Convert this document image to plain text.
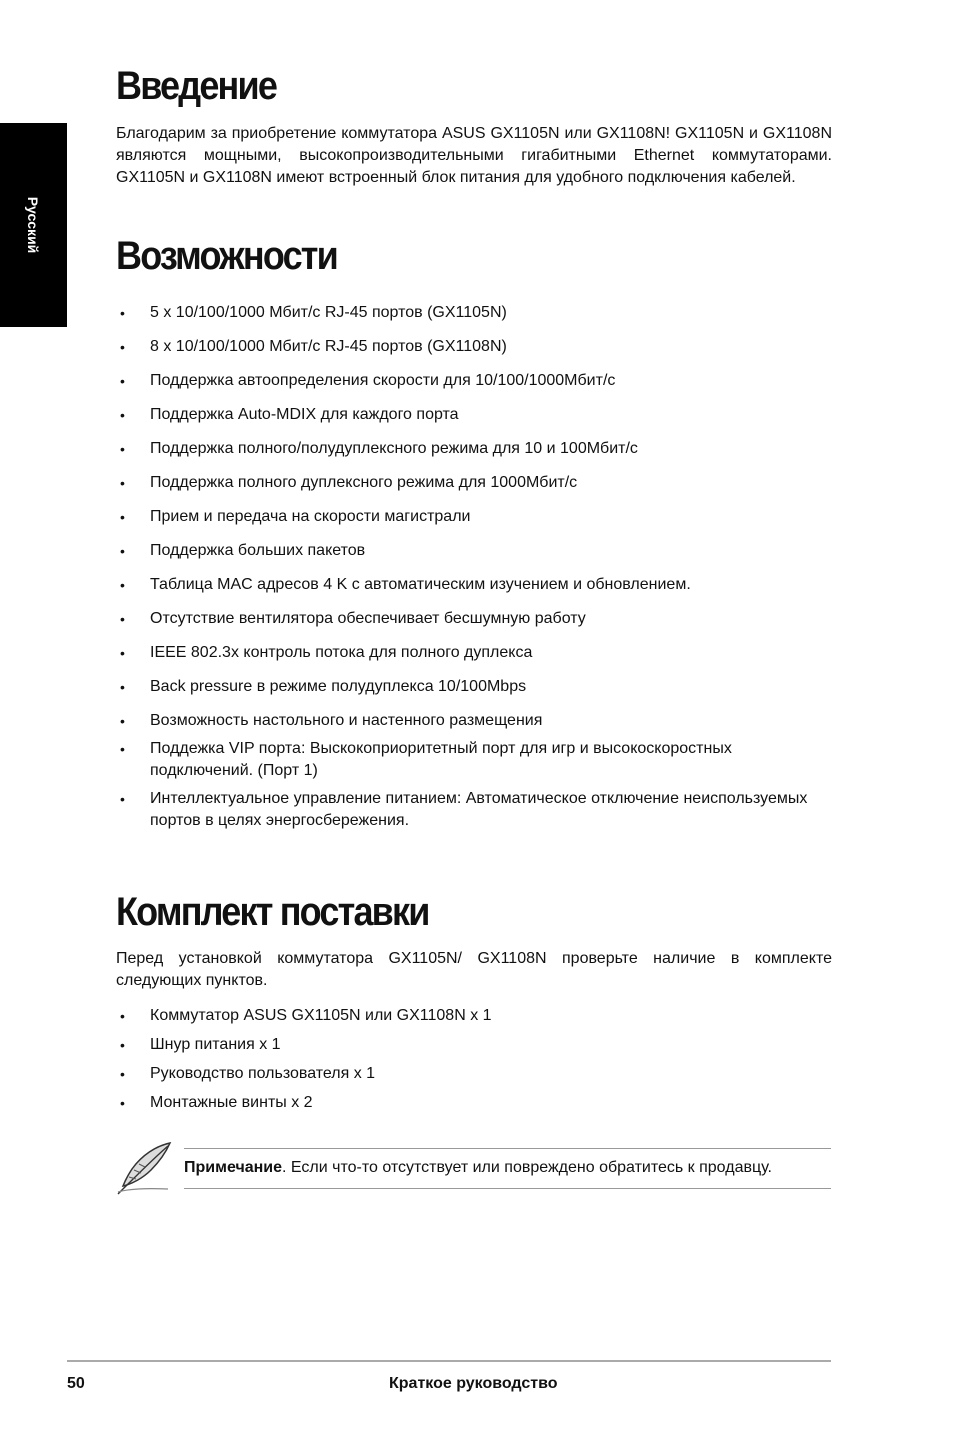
Русский
Введение

Благодарим за приобретение коммутатора ASUS GX1105N или GX1108N! GX1105N и GX1108N являются мощными, высокопроизводительными гигабитными Ethernet коммутаторами. GX1105N и GX1108N имеют встроенный блок питания для удобного подключения кабелей.

Возможности
• 5 x 10/100/1000 Мбит/с RJ-45 портов (GX1105N)
• 8 x 10/100/1000 Мбит/с RJ-45 портов (GX1108N)
• Поддержка автоопределения скорости для 10/100/1000Мбит/с
• Поддержка Auto-MDIX для каждого порта
• Поддержка полного/полудуплексного режима для 10 и 100Мбит/с
• Поддержка полного дуплексного режима для 1000Мбит/с
• Прием и передача на скорости магистрали
• Поддержка больших пакетов
• Таблица MAC адресов 4 K с автоматическим изучением и обновлением.
• Отсутствие вентилятора обеспечивает бесшумную работу
• IEEE 802.3x контроль потока для полного дуплекса
• Back pressure в режиме полудуплекса 10/100Mbps
• Возможность настольного и настенного размещения
• Поддежка VIP порта: Выскокоприоритетный порт для игр и высокоскоростных подключений. (Порт 1)
• Интеллектуальное управление питанием: Автоматическое отключение неиспользуемых портов в целях энергосбережения.
Комплект поставки

Перед установкой коммутатора GX1105N/ GX1108N проверьте наличие в комплекте следующих пунктов.

• Коммутатор ASUS GX1105N или GX1108N x 1
• Шнур питания x 1
• Руководство пользователя x 1
• Монтажные винты x 2
Примечание. Если что-то отсутствует или повреждено обратитесь к продавцу.
50	Краткое руководство
